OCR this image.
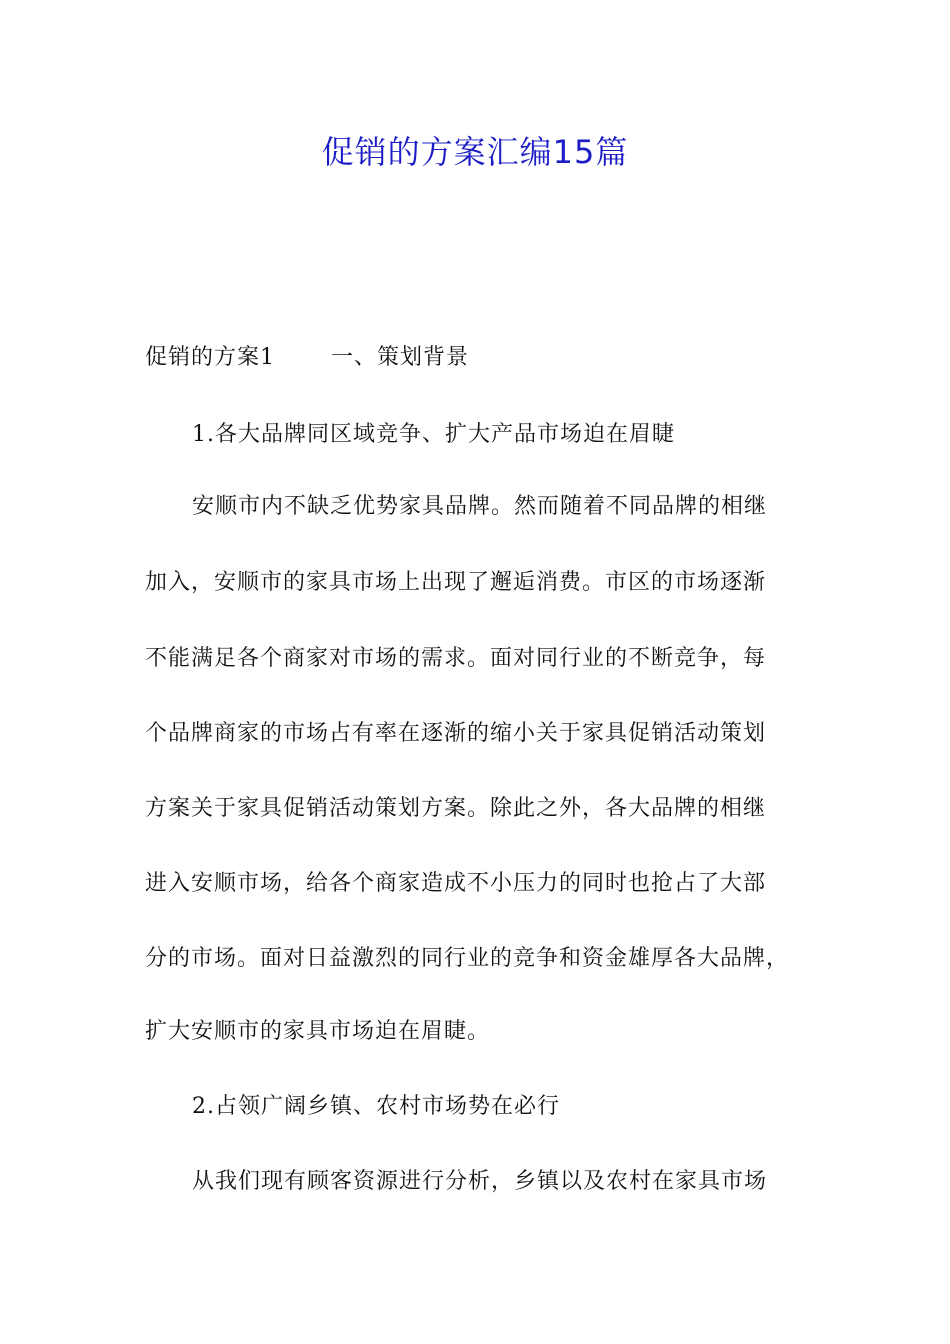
促销的方案汇编15篇
促销的方案1	一、策划背景
1.各大品牌同区域竞争、扩大产品市场迫在眉睫
安顺市内不缺乏优势家具品牌。然而随着不同品牌的相继
加入，安顺市的家具市场上出现了邂逅消费。市区的市场逐渐
不能满足各个商家对市场的需求。面对同行业的不断竞争，每
个品牌商家的市场占有率在逐渐的缩小关于家具促销活动策划
方案关于家具促销活动策划方案。除此之外，各大品牌的相继
进入安顺市场，给各个商家造成不小压力的同时也抢占了大部
分的市场。面对日益激烈的同行业的竞争和资金雄厚各大品牌，
扩大安顺市的家具市场迫在眉睫。
2.占领广阔乡镇、农村市场势在必行
从我们现有顾客资源进行分析，乡镇以及农村在家具市场
